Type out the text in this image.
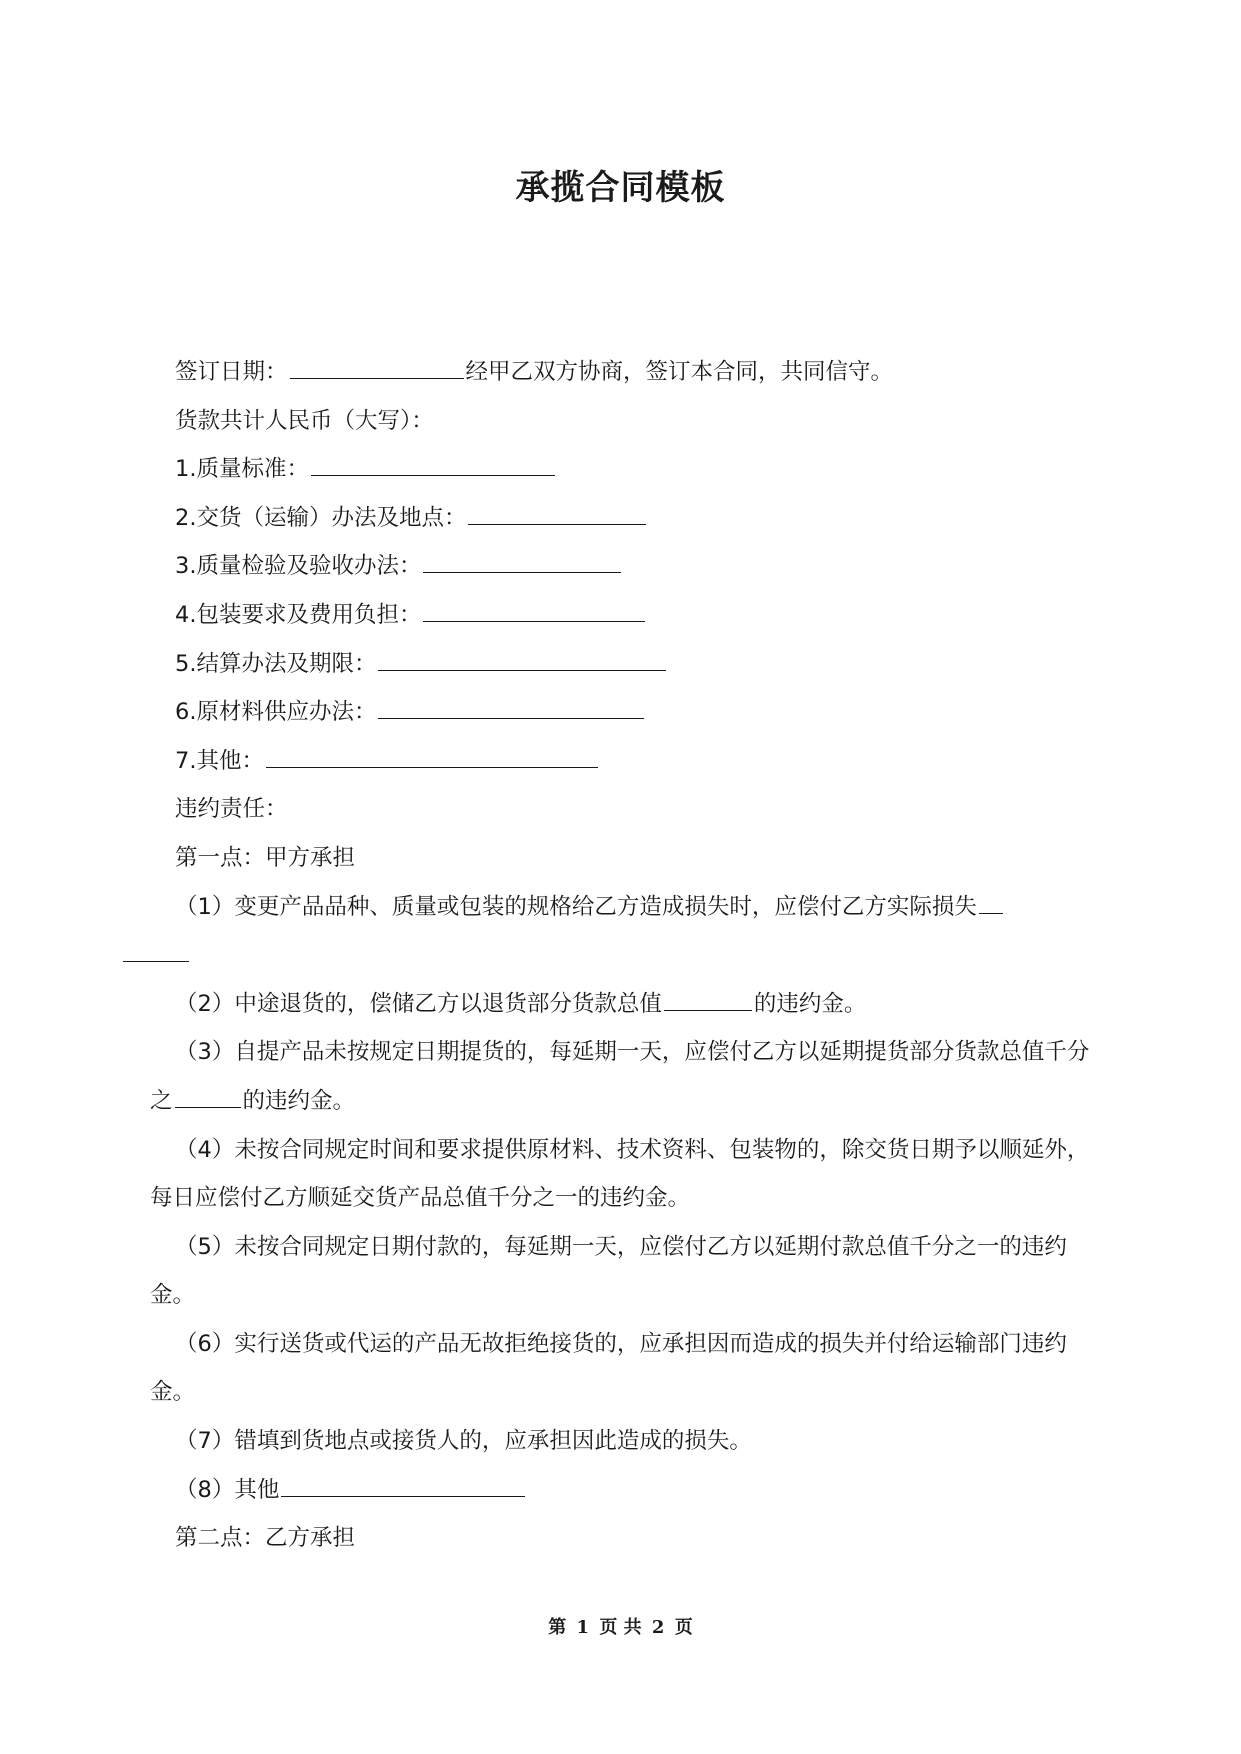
承揽合同模板

签订日期：	经甲乙双方协商，签订本合同，共同信守。

货款共计人民币（大写）：

1.质量标准：

2.交货（运输）办法及地点：

3.质量检验及验收办法：

4.包装要求及费用负担：

5.结算办法及期限：

6.原材料供应办法：

7.其他：

违约责任：

第一点：甲方承担

（1）变更产品品种、质量或包装的规格给乙方造成损失时，应偿付乙方实际损失

（2）中途退货的，偿储乙方以退货部分货款总值	的违约金。

（3）自提产品未按规定日期提货的，每延期一天，应偿付乙方以延期提货部分货款总值千分之	的违约金。

（4）未按合同规定时间和要求提供原材料、技术资料、包装物的，除交货日期予以顺延外，每日应偿付乙方顺延交货产品总值千分之一的违约金。

（5）未按合同规定日期付款的，每延期一天，应偿付乙方以延期付款总值千分之一的违约金。

（6）实行送货或代运的产品无故拒绝接货的，应承担因而造成的损失并付给运输部门违约金。

（7）错填到货地点或接货人的，应承担因此造成的损失。

（8）其他

第二点：乙方承担

第 1 页 共 2 页
